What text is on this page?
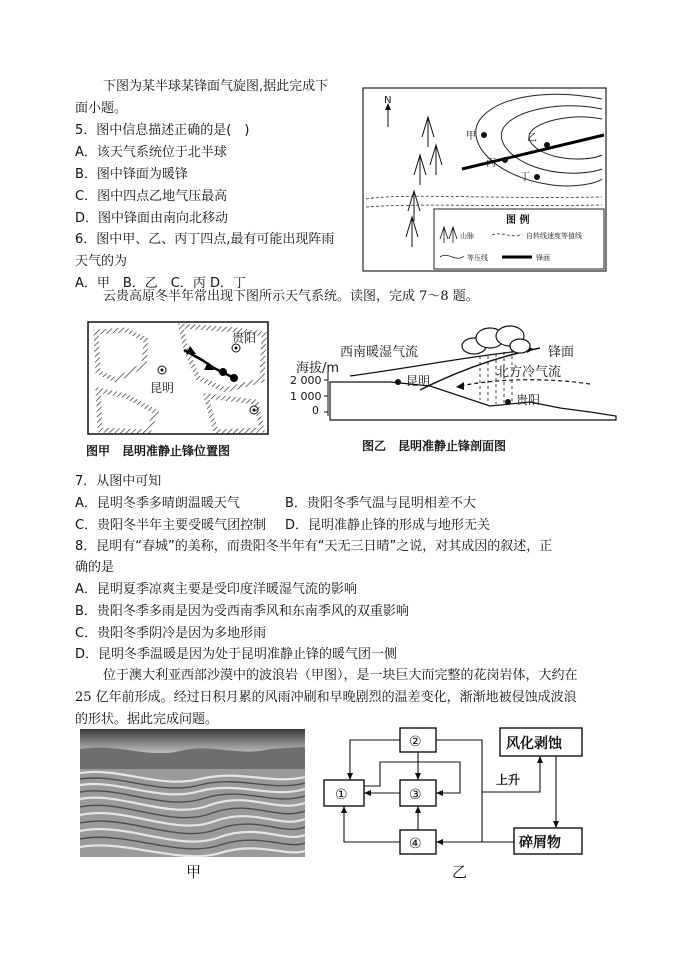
下图为某半球某锋面气旋图,据此完成下
面小题。
5．图中信息描述正确的是(　)
A．该天气系统位于北半球
B．图中锋面为暖锋
C．图中四点乙地气压最高
D．图中锋面由南向北移动
6．图中甲、乙、丙丁四点,最有可能出现阵雨
天气的为
A．甲　B．乙　C．丙 D．丁
N
甲	乙
丙
丁
图 例
山脉	自转线速度等值线
等压线	锋面
云贵高原冬半年常出现下图所示天气系统。读图，完成 7～8 题。
贵阳
昆明
图甲　昆明准静止锋位置图
西南暖湿气流	锋面
海拔/m	北方冷气流
2 000
1 000
0
昆明
贵阳
图乙　昆明准静止锋剖面图
7．从图中可知
A．昆明冬季多晴朗温暖天气	B．贵阳冬季气温与昆明相差不大
C．贵阳冬半年主要受暖气团控制 D．昆明准静止锋的形成与地形无关
8．昆明有“春城”的美称，而贵阳冬半年有“天无三日晴”之说，对其成因的叙述，正
确的是
A．昆明夏季凉爽主要是受印度洋暖湿气流的影响
B．贵阳冬季多雨是因为受西南季风和东南季风的双重影响
C．贵阳冬季阴冷是因为多地形雨
D．昆明冬季温暖是因为处于昆明准静止锋的暖气团一侧
位于澳大利亚西部沙漠中的波浪岩（甲图），是一块巨大而完整的花岗岩体，大约在
25 亿年前形成。经过日积月累的风雨冲刷和早晚剧烈的温差变化，渐渐地被侵蚀成波浪
的形状。据此完成问题。
甲
②
①	③
④
风化剥蚀
碎屑物
上升
乙
